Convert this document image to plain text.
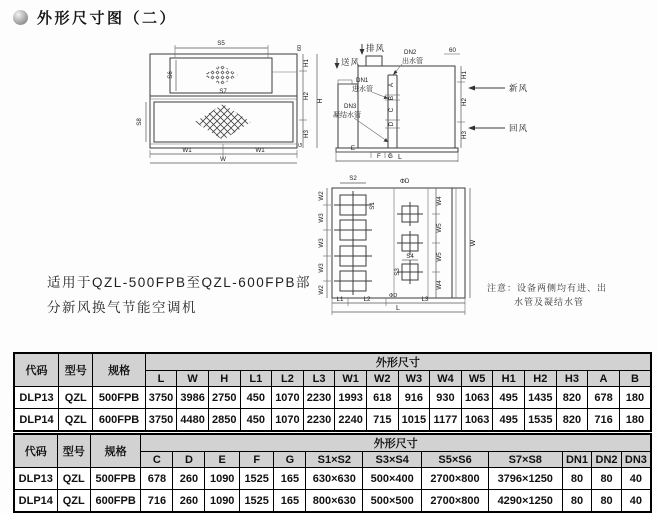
外形尺寸图（二）
S5
60
S6
S7
S8
H1
H2
H3
H
W1	W1
W
G
A
B
C
D
排风
送风
DN2
出水管
DN1
进水管
DN3
凝结水管
60
H1
H2
H3
新风
回风
E
F G L
S2	ΦD
S1
W2
W3
W3
W3
W2
W4
W5
W5
W4
S4
S3
W
ΦD
L1	L2	L3
L
适用于QZL-500FPB至QZL-600FPB部
分新风换气节能空调机
注意：设备两侧均有进、出
水管及凝结水管
代码	型号	规格	外形尺寸															
			L	W	H	L1	L2	L3	W1	W2	W3	W4	W5	H1	H2	H3	A	B
DLP13	QZL	500FPB	3750	3986	2750	450	1070	2230	1993	618	916	930	1063	495	1435	820	678	180
DLP14	QZL	600FPB	3750	4480	2850	450	1070	2230	2240	715	1015	1177	1063	495	1535	820	716	180
代码	型号	规格	外形尺寸											
			C	D	E	F	G	S1×S2	S3×S4	S5×S6	S7×S8	DN1	DN2	DN3
DLP13	QZL	500FPB	678	260	1090	1525	165	630×630	500×400	2700×800	3796×1250	80	80	40
DLP14	QZL	600FPB	716	260	1090	1525	165	800×630	500×500	2700×800	4290×1250	80	80	40
